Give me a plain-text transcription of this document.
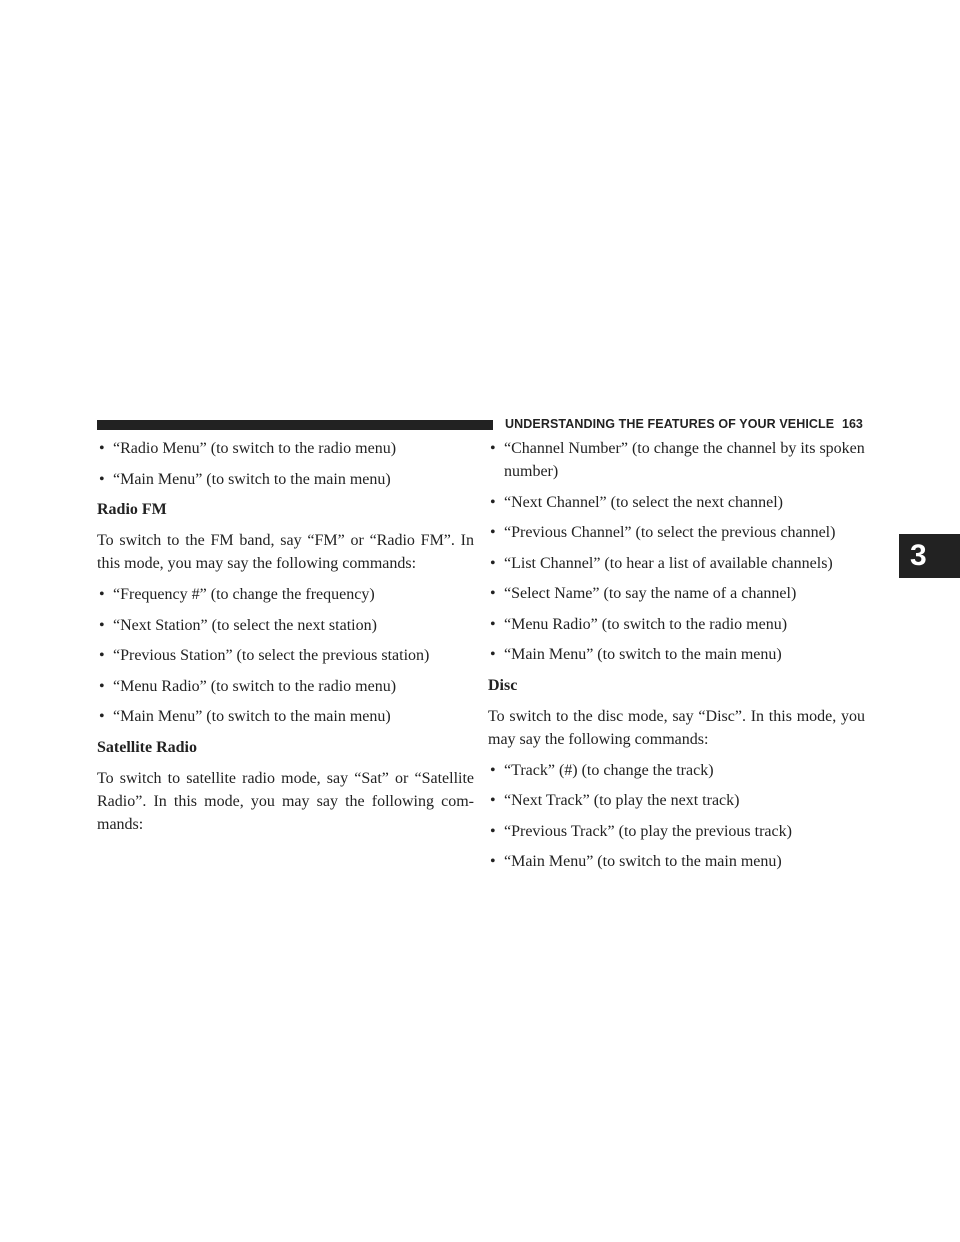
UNDERSTANDING THE FEATURES OF YOUR VEHICLE 163
3

• “Radio Menu” (to switch to the radio menu)

• “Main Menu” (to switch to the main menu)

Radio FM

To switch to the FM band, say “FM” or “Radio FM”. In this mode, you may say the following commands:

• “Frequency #” (to change the frequency)

• “Next Station” (to select the next station)

• “Previous Station” (to select the previous station)

• “Menu Radio” (to switch to the radio menu)

• “Main Menu” (to switch to the main menu)

Satellite Radio

To switch to satellite radio mode, say “Sat” or “Satellite Radio”. In this mode, you may say the following com- mands:

• “Channel Number” (to change the channel by its spoken number)

• “Next Channel” (to select the next channel)

• “Previous Channel” (to select the previous channel)

• “List Channel” (to hear a list of available channels)

• “Select Name” (to say the name of a channel)

• “Menu Radio” (to switch to the radio menu)

• “Main Menu” (to switch to the main menu)

Disc

To switch to the disc mode, say “Disc”. In this mode, you may say the following commands:

• “Track” (#) (to change the track)

• “Next Track” (to play the next track)

• “Previous Track” (to play the previous track)

• “Main Menu” (to switch to the main menu)
